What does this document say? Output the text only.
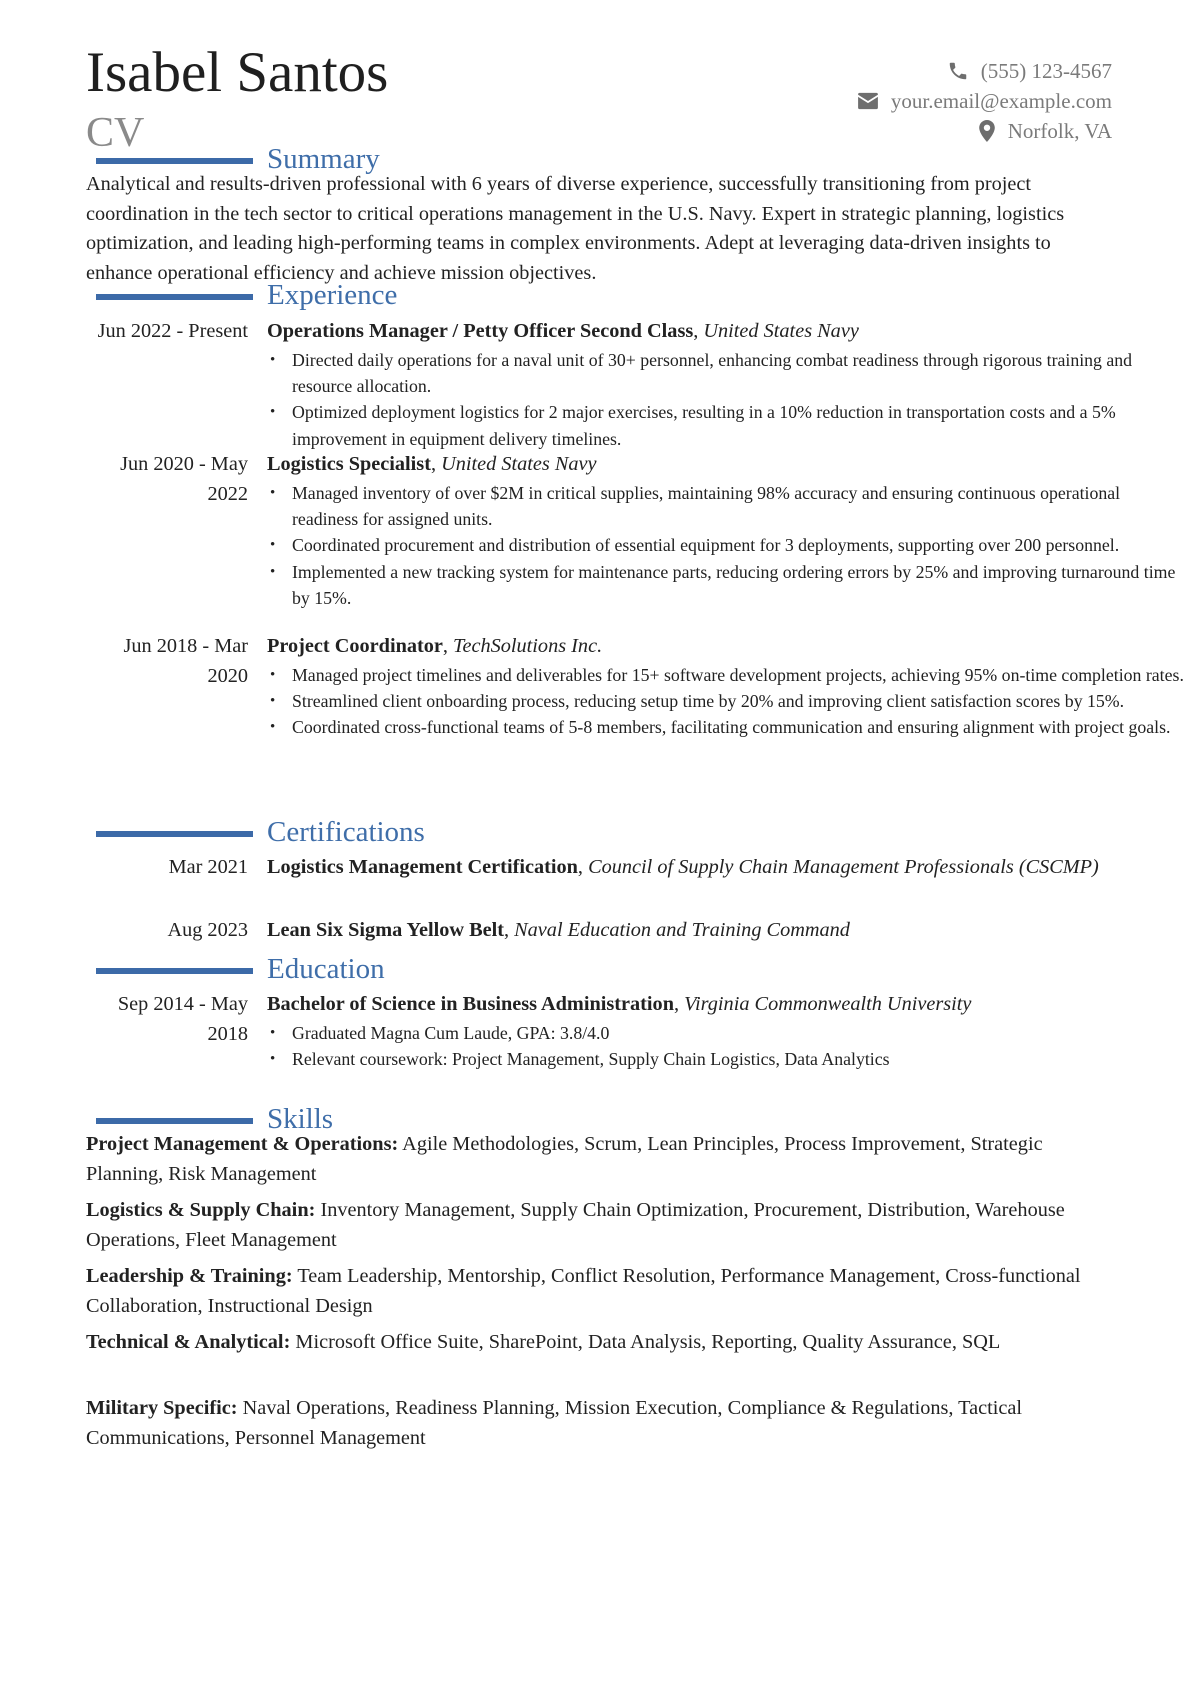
Isabel Santos
CV
(555) 123-4567
your.email@example.com
Norfolk, VA
Summary
Analytical and results-driven professional with 6 years of diverse experience, successfully transitioning from project coordination in the tech sector to critical operations management in the U.S. Navy. Expert in strategic planning, logistics optimization, and leading high-performing teams in complex environments. Adept at leveraging data-driven insights to enhance operational efficiency and achieve mission objectives.
Experience
Jun 2022 - Present Operations Manager / Petty Officer Second Class, United States Navy
• Directed daily operations for a naval unit of 30+ personnel, enhancing combat readiness through rigorous training and resource allocation.
• Optimized deployment logistics for 2 major exercises, resulting in a 10% reduction in transportation costs and a 5% improvement in equipment delivery timelines.
Jun 2020 - May 2022
Logistics Specialist, United States Navy
• Managed inventory of over $2M in critical supplies, maintaining 98% accuracy and ensuring continuous operational readiness for assigned units.
• Coordinated procurement and distribution of essential equipment for 3 deployments, supporting over 200 personnel.
• Implemented a new tracking system for maintenance parts, reducing ordering errors by 25% and improving turnaround time by 15%.
Jun 2018 - Mar 2020
Project Coordinator, TechSolutions Inc.
• Managed project timelines and deliverables for 15+ software development projects, achieving 95% on-time completion rates.
• Streamlined client onboarding process, reducing setup time by 20% and improving client satisfaction scores by 15%.
• Coordinated cross-functional teams of 5-8 members, facilitating communication and ensuring alignment with project goals.
Certifications
Mar 2021 Logistics Management Certification, Council of Supply Chain Management Professionals (CSCMP)
Aug 2023 Lean Six Sigma Yellow Belt, Naval Education and Training Command
Education
Sep 2014 - May 2018
Bachelor of Science in Business Administration, Virginia Commonwealth University
• Graduated Magna Cum Laude, GPA: 3.8/4.0
• Relevant coursework: Project Management, Supply Chain Logistics, Data Analytics
Skills
Project Management & Operations: Agile Methodologies, Scrum, Lean Principles, Process Improvement, Strategic Planning, Risk Management
Logistics & Supply Chain: Inventory Management, Supply Chain Optimization, Procurement, Distribution, Warehouse Operations, Fleet Management
Leadership & Training: Team Leadership, Mentorship, Conflict Resolution, Performance Management, Cross-functional Collaboration, Instructional Design
Technical & Analytical: Microsoft Office Suite, SharePoint, Data Analysis, Reporting, Quality Assurance, SQL
Military Specific: Naval Operations, Readiness Planning, Mission Execution, Compliance & Regulations, Tactical Communications, Personnel Management
